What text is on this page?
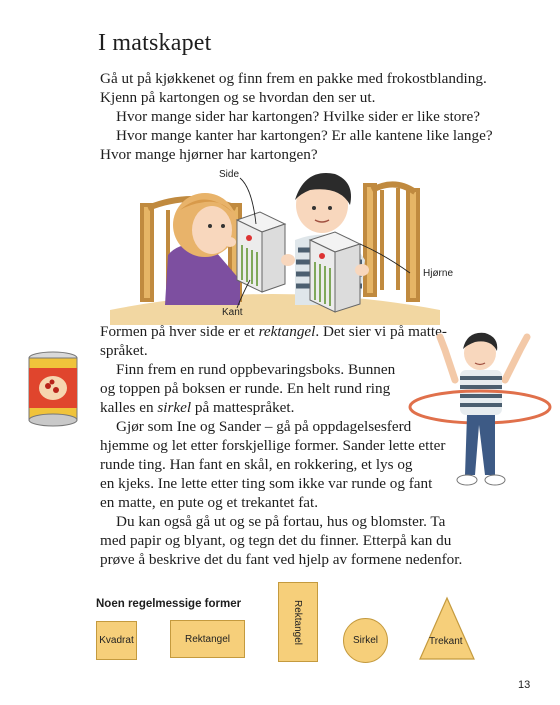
I matskapet
Gå ut på kjøkkenet og finn frem en pakke med frokostblanding.
Kjenn på kartongen og se hvordan den ser ut.
Hvor mange sider har kartongen? Hvilke sider er like store?
Hvor mange kanter har kartongen? Er alle kantene like lange?
Hvor mange hjørner har kartongen?
Side
Hjørne
Kant
Formen på hver side er et rektangel. Det sier vi på matte-
språket.
Finn frem en rund oppbevaringsboks. Bunnen
og toppen på boksen er runde. En helt rund ring
kalles en sirkel på mattespråket.
Gjør som Ine og Sander – gå på oppdagelsesferd
hjemme og let etter forskjellige former. Sander lette etter
runde ting. Han fant en skål, en rokkering, et lys og
en kjeks. Ine lette etter ting som ikke var runde og fant
en matte, en pute og et trekantet fat.
Du kan også gå ut og se på fortau, hus og blomster. Ta
med papir og blyant, og tegn det du finner. Etterpå kan du
prøve å beskrive det du fant ved hjelp av formene nedenfor.
Noen regelmessige former
Kvadrat	Rektangel	Rektangel	Sirkel	Trekant
13
